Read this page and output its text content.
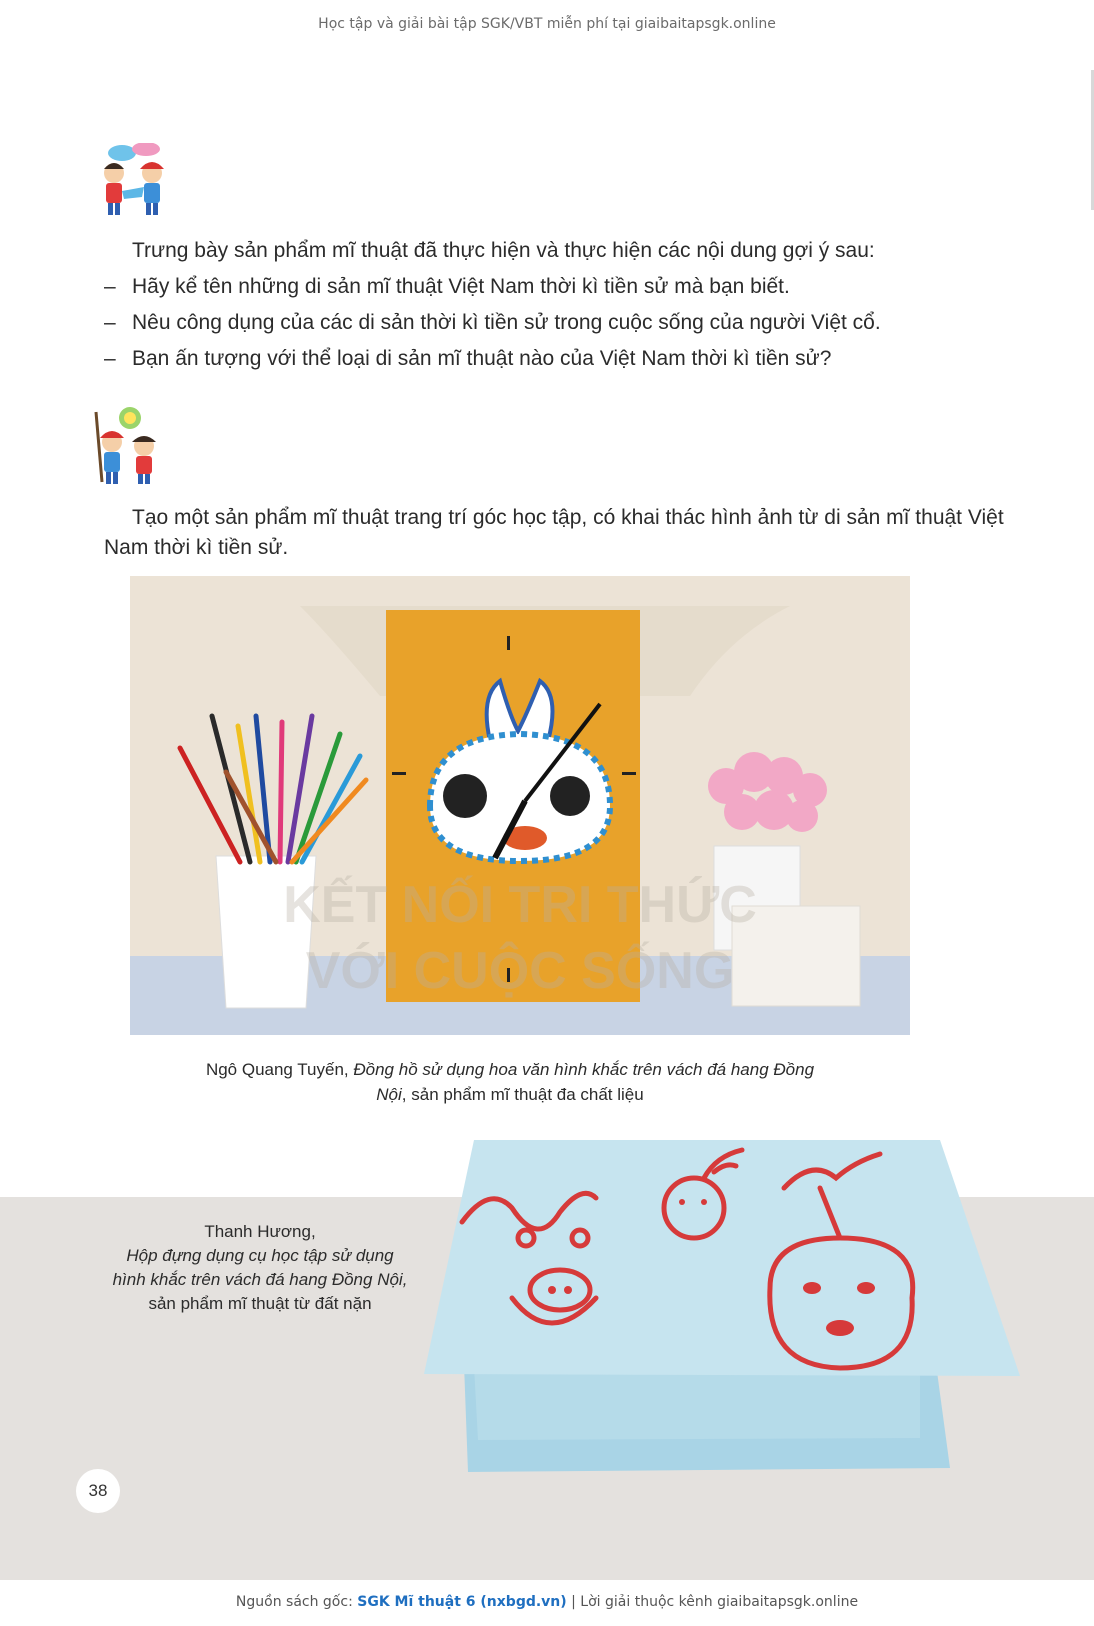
Học tập và giải bài tập SGK/VBT miễn phí tại giaibaitapsgk.online
Trưng bày sản phẩm mĩ thuật đã thực hiện và thực hiện các nội dung gợi ý sau:
– Hãy kể tên những di sản mĩ thuật Việt Nam thời kì tiền sử mà bạn biết.
– Nêu công dụng của các di sản thời kì tiền sử trong cuộc sống của người Việt cổ.
– Bạn ấn tượng với thể loại di sản mĩ thuật nào của Việt Nam thời kì tiền sử?
Tạo một sản phẩm mĩ thuật trang trí góc học tập, có khai thác hình ảnh từ di sản mĩ thuật Việt Nam thời kì tiền sử.
KẾT NỐI TRI THỨC
VỚI CUỘC SỐNG
Ngô Quang Tuyến, Đồng hồ sử dụng hoa văn hình khắc trên vách đá hang Đồng Nội, sản phẩm mĩ thuật đa chất liệu
Thanh Hương,
Hộp đựng dụng cụ học tập sử dụng
hình khắc trên vách đá hang Đồng Nội,
sản phẩm mĩ thuật từ đất nặn
38
Nguồn sách gốc: SGK Mĩ thuật 6 (nxbgd.vn) | Lời giải thuộc kênh giaibaitapsgk.online
